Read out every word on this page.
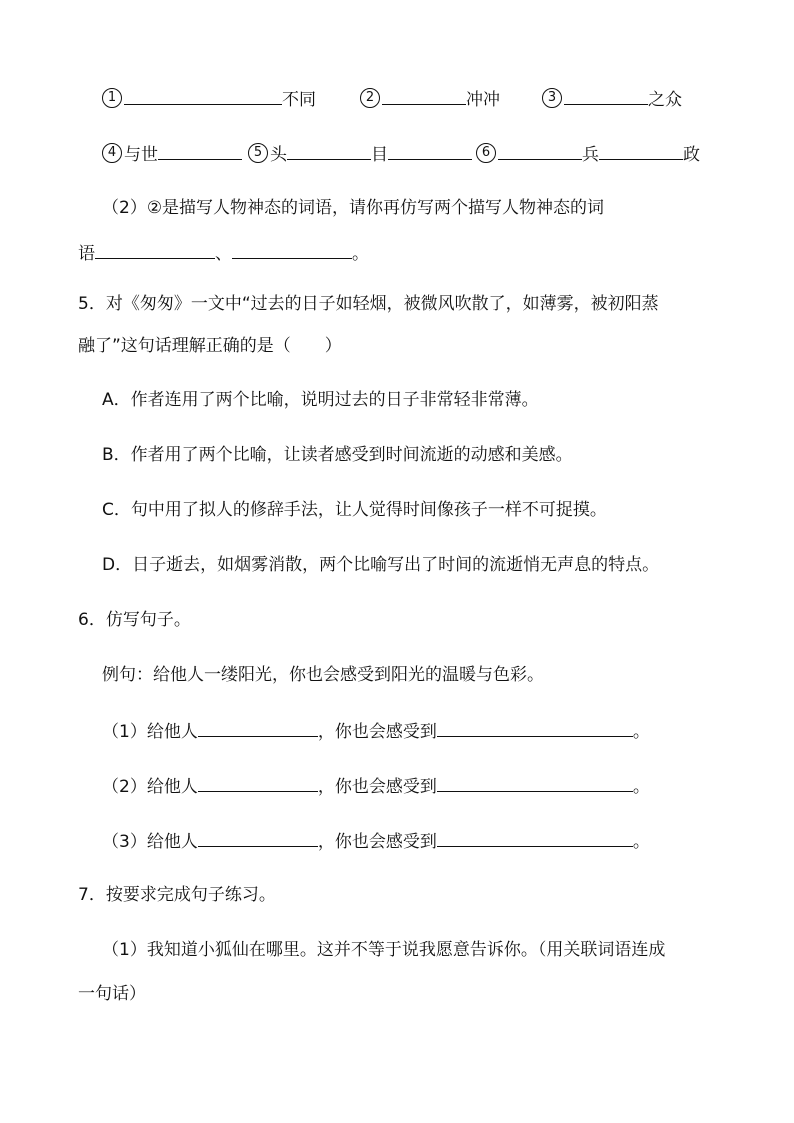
1	不同	2	冲冲	3	之众
4 与世	5 头	目	6	兵	政
（2）②是描写人物神态的词语，请你再仿写两个描写人物神态的词
语	、	。
5．对《匆匆》一文中“过去的日子如轻烟，被微风吹散了，如薄雾，被初阳蒸
融了”这句话理解正确的是（　　）
A．作者连用了两个比喻，说明过去的日子非常轻非常薄。
B．作者用了两个比喻，让读者感受到时间流逝的动感和美感。
C．句中用了拟人的修辞手法，让人觉得时间像孩子一样不可捉摸。
D．日子逝去，如烟雾消散，两个比喻写出了时间的流逝悄无声息的特点。
6．仿写句子。
例句：给他人一缕阳光，你也会感受到阳光的温暖与色彩。
（1）给他人	，你也会感受到	。
（2）给他人	，你也会感受到	。
（3）给他人	，你也会感受到	。
7．按要求完成句子练习。
（1）我知道小狐仙在哪里。这并不等于说我愿意告诉你。（用关联词语连成
一句话）
